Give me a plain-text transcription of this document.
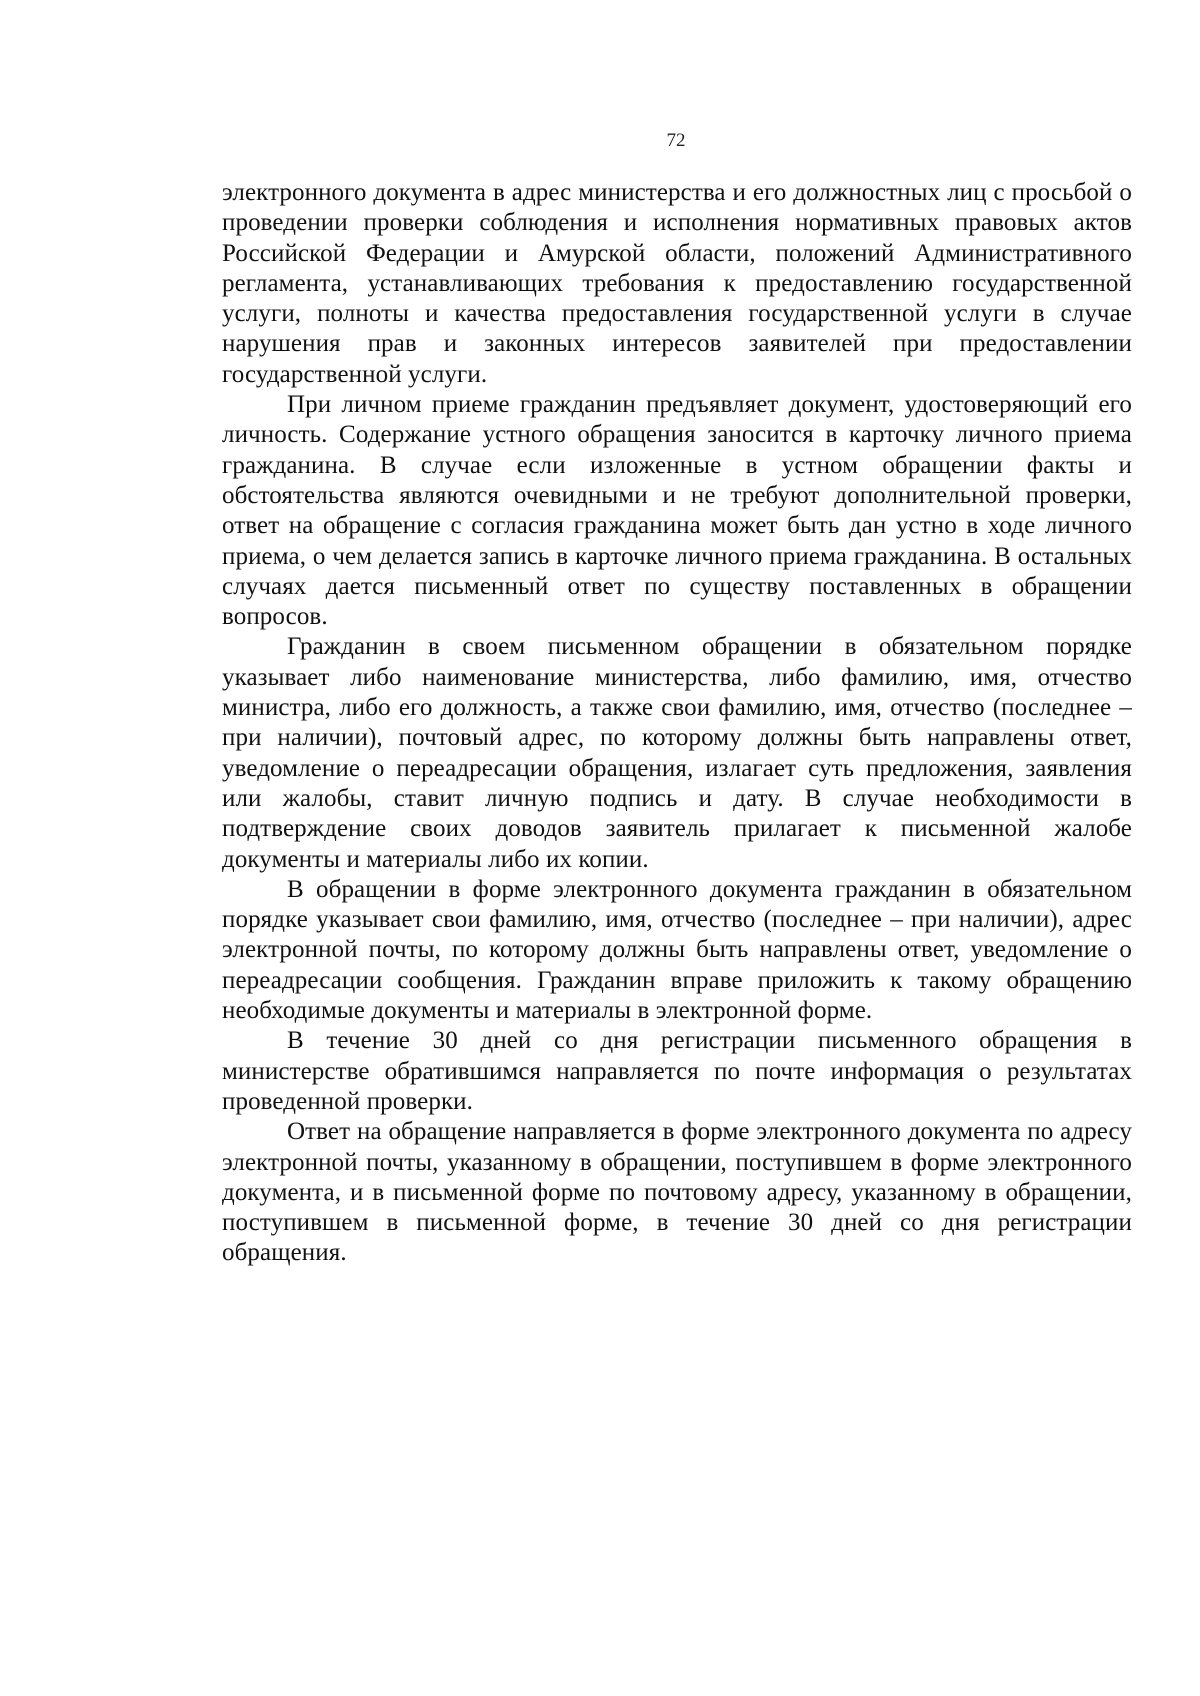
72

электронного документа в адрес министерства и его должностных лиц с просьбой о проведении проверки соблюдения и исполнения нормативных правовых актов Российской Федерации и Амурской области, положений Административного регламента, устанавливающих требования к предоставлению государственной услуги, полноты и качества предоставления государственной услуги в случае нарушения прав и законных интересов заявителей при предоставлении государственной услуги.

При личном приеме гражданин предъявляет документ, удостоверяющий его личность. Содержание устного обращения заносится в карточку личного приема гражданина. В случае если изложенные в устном обращении факты и обстоятельства являются очевидными и не требуют дополнительной проверки, ответ на обращение с согласия гражданина может быть дан устно в ходе личного приема, о чем делается запись в карточке личного приема гражданина. В остальных случаях дается письменный ответ по существу поставленных в обращении вопросов.

Гражданин в своем письменном обращении в обязательном порядке указывает либо наименование министерства, либо фамилию, имя, отчество министра, либо его должность, а также свои фамилию, имя, отчество (последнее – при наличии), почтовый адрес, по которому должны быть направлены ответ, уведомление о переадресации обращения, излагает суть предложения, заявления или жалобы, ставит личную подпись и дату. В случае необходимости в подтверждение своих доводов заявитель прилагает к письменной жалобе документы и материалы либо их копии.

В обращении в форме электронного документа гражданин в обязательном порядке указывает свои фамилию, имя, отчество (последнее – при наличии), адрес электронной почты, по которому должны быть направлены ответ, уведомление о переадресации сообщения. Гражданин вправе приложить к такому обращению необходимые документы и материалы в электронной форме.

В течение 30 дней со дня регистрации письменного обращения в министерстве обратившимся направляется по почте информация о результатах проведенной проверки.

Ответ на обращение направляется в форме электронного документа по адресу электронной почты, указанному в обращении, поступившем в форме электронного документа, и в письменной форме по почтовому адресу, указанному в обращении, поступившем в письменной форме, в течение 30 дней со дня регистрации обращения.
